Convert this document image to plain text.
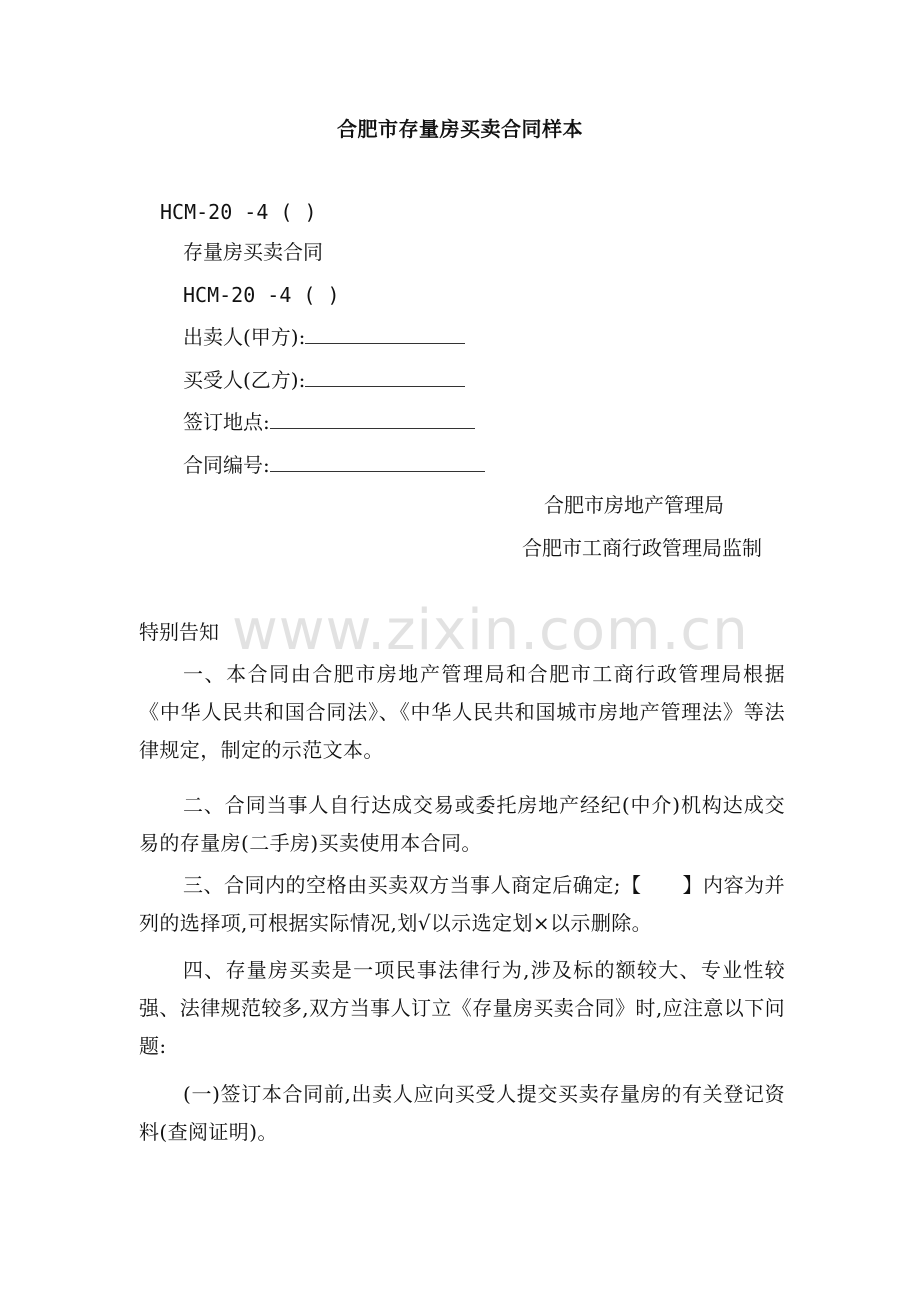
合肥市存量房买卖合同样本
HCM-20 -4 ( )
存量房买卖合同
HCM-20 -4 ( )
出卖人(甲方):
买受人(乙方):
签订地点:
合同编号:
合肥市房地产管理局
合肥市工商行政管理局监制
www.zixin.com.cn
特别告知
一、本合同由合肥市房地产管理局和合肥市工商行政管理局根据《中华人民共和国合同法》、《中华人民共和国城市房地产管理法》等法律规定，制定的示范文本。
二、合同当事人自行达成交易或委托房地产经纪(中介)机构达成交易的存量房(二手房)买卖使用本合同。
三、合同内的空格由买卖双方当事人商定后确定;【　　】内容为并列的选择项,可根据实际情况,划√以示选定划×以示删除。
四、存量房买卖是一项民事法律行为,涉及标的额较大、专业性较强、法律规范较多,双方当事人订立《存量房买卖合同》时,应注意以下问题:
(一)签订本合同前,出卖人应向买受人提交买卖存量房的有关登记资料(查阅证明)。
